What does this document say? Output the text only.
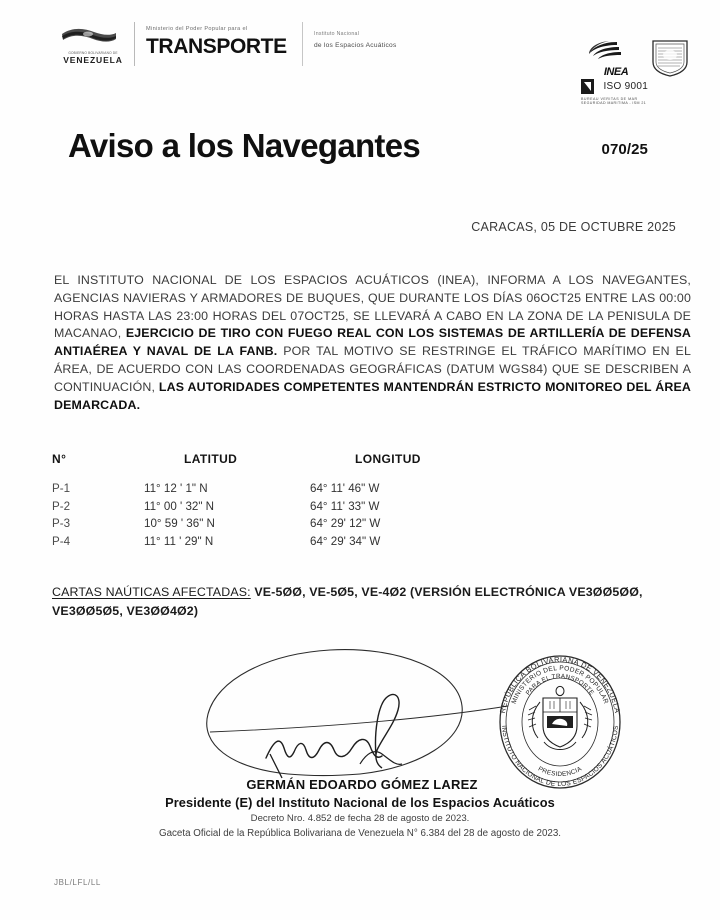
GOBIERNO BOLIVARIANO DE
VENEZUELA
Ministerio del Poder Popular para el
TRANSPORTE
Instituto Nacional
de los Espacios Acuáticos
INEA
ISO 9001
BUREAU VERITAS DE MAR
SEGURIDAD MARITIMA - ISM 21
Aviso a los Navegantes	070/25
CARACAS, 05 DE OCTUBRE 2025
EL INSTITUTO NACIONAL DE LOS ESPACIOS ACUÁTICOS (INEA), INFORMA A LOS NAVEGANTES, AGENCIAS NAVIERAS Y ARMADORES DE BUQUES, QUE DURANTE LOS DÍAS 06OCT25 ENTRE LAS 00:00 HORAS HASTA LAS 23:00 HORAS DEL 07OCT25, SE LLEVARÁ A CABO EN LA ZONA DE LA PENISULA DE MACANAO, EJERCICIO DE TIRO CON FUEGO REAL CON LOS SISTEMAS DE ARTILLERÍA DE DEFENSA ANTIAÉREA Y NAVAL DE LA FANB. POR TAL MOTIVO SE RESTRINGE EL TRÁFICO MARÍTIMO EN EL ÁREA, DE ACUERDO CON LAS COORDENADAS GEOGRÁFICAS (DATUM WGS84) QUE SE DESCRIBEN A CONTINUACIÓN, LAS AUTORIDADES COMPETENTES MANTENDRÁN ESTRICTO MONITOREO DEL ÁREA DEMARCADA.
N°	LATITUD	LONGITUD
P-1	11° 12 ' 1" N	64° 11' 46" W
P-2	11° 00 ' 32" N	64° 11' 33" W
P-3	10° 59 ' 36" N	64° 29' 12" W
P-4	11° 11 ' 29" N	64° 29' 34" W
CARTAS NAÚTICAS AFECTADAS: VE-5ØØ, VE-5Ø5, VE-4Ø2 (VERSIÓN ELECTRÓNICA VE3ØØ5ØØ, VE3ØØ5Ø5, VE3ØØ4Ø2)
REPÚBLICA BOLIVARIANA DE VENEZUELA
MINISTERIO DEL PODER POPULAR
PARA EL TRANSPORTE
INSTITUTO NACIONAL DE LOS ESPACIOS ACUÁTICOS
PRESIDENCIA
GERMÁN EDOARDO GÓMEZ LAREZ
Presidente (E) del Instituto Nacional de los Espacios Acuáticos
Decreto Nro. 4.852 de fecha 28 de agosto de 2023.
Gaceta Oficial de la República Bolivariana de Venezuela N° 6.384 del 28 de agosto de 2023.
JBL/LFL/LL
